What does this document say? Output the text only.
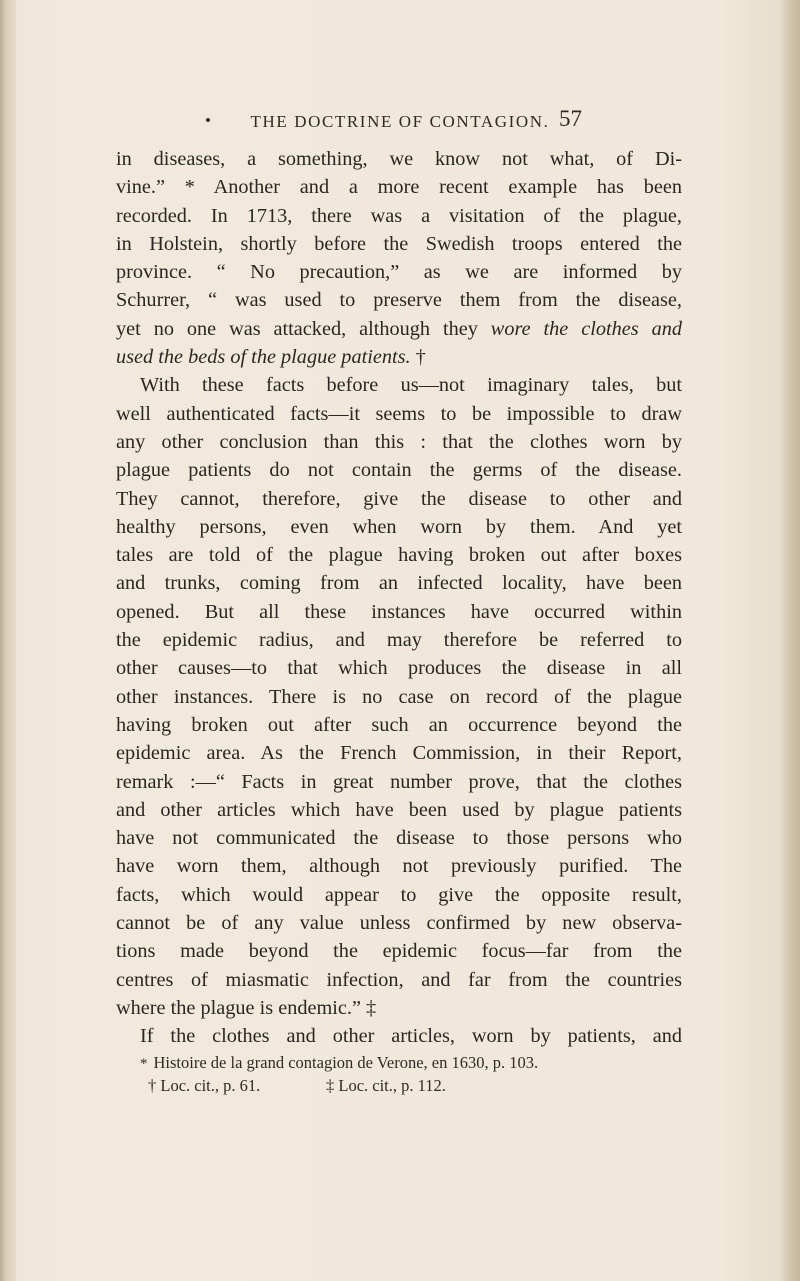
THE DOCTRINE OF CONTAGION. 57
in diseases, a something, we know not what, of Di-
vine.” * Another and a more recent example has been
recorded. In 1713, there was a visitation of the plague,
in Holstein, shortly before the Swedish troops entered the
province. “ No precaution,” as we are informed by
Schurrer, “ was used to preserve them from the disease,
yet no one was attacked, although they wore the clothes and
used the beds of the plague patients. †
With these facts before us—not imaginary tales, but
well authenticated facts—it seems to be impossible to draw
any other conclusion than this : that the clothes worn by
plague patients do not contain the germs of the disease.
They cannot, therefore, give the disease to other and
healthy persons, even when worn by them. And yet
tales are told of the plague having broken out after boxes
and trunks, coming from an infected locality, have been
opened. But all these instances have occurred within
the epidemic radius, and may therefore be referred to
other causes—to that which produces the disease in all
other instances. There is no case on record of the plague
having broken out after such an occurrence beyond the
epidemic area. As the French Commission, in their Report,
remark :—“ Facts in great number prove, that the clothes
and other articles which have been used by plague patients
have not communicated the disease to those persons who
have worn them, although not previously purified. The
facts, which would appear to give the opposite result,
cannot be of any value unless confirmed by new observa-
tions made beyond the epidemic focus—far from the
centres of miasmatic infection, and far from the countries
where the plague is endemic.” ‡
If the clothes and other articles, worn by patients, and
* Histoire de la grand contagion de Verone, en 1630, p. 103.
† Loc. cit., p. 61.	‡ Loc. cit., p. 112.
